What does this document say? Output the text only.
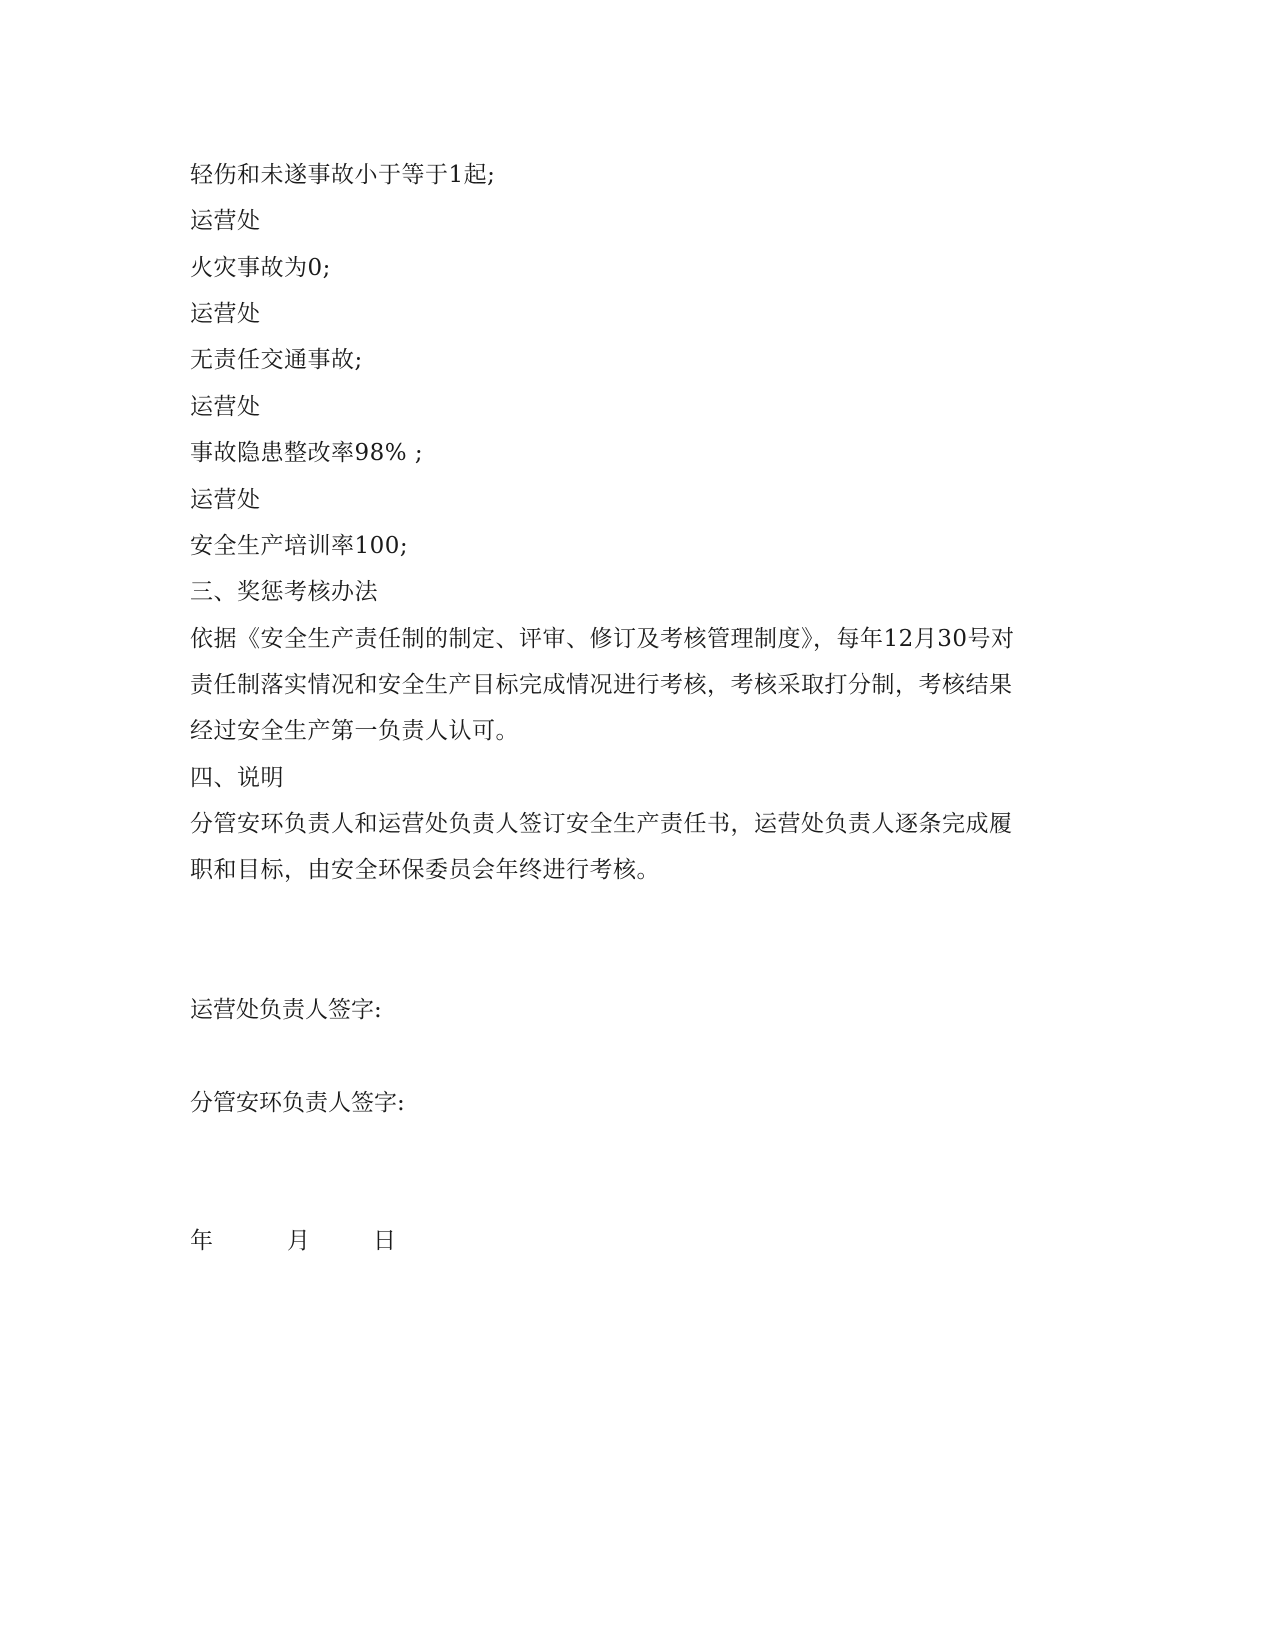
轻伤和未遂事故小于等于1起;
运营处
火灾事故为0;
运营处
无责任交通事故;
运营处
事故隐患整改率98% ;
运营处
安全生产培训率100;
三、奖惩考核办法
依据《安全生产责任制的制定、评审、修订及考核管理制度》，每年12月30号对
责任制落实情况和安全生产目标完成情况进行考核，考核采取打分制，考核结果
经过安全生产第一负责人认可。
四、说明
分管安环负责人和运营处负责人签订安全生产责任书，运营处负责人逐条完成履
职和目标，由安全环保委员会年终进行考核。
运营处负责人签字:
分管安环负责人签字:
年	月	日
